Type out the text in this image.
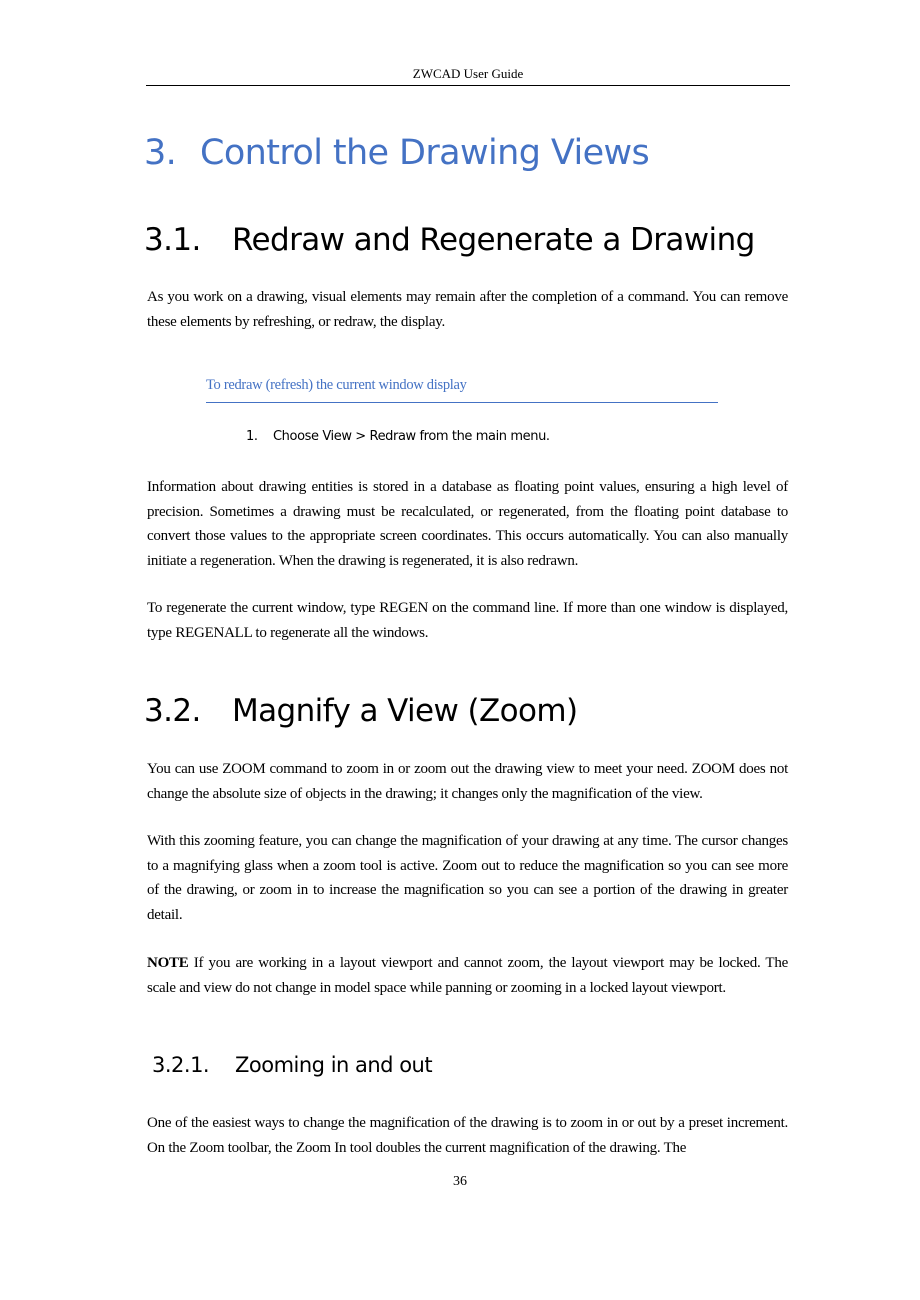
ZWCAD User Guide
3. Control the Drawing Views
3.1. Redraw and Regenerate a Drawing
As you work on a drawing, visual elements may remain after the completion of a command. You can remove these elements by refreshing, or redraw, the display.
To redraw (refresh) the current window display
1. Choose View > Redraw from the main menu.
Information about drawing entities is stored in a database as floating point values, ensuring a high level of precision. Sometimes a drawing must be recalculated, or regenerated, from the floating point database to convert those values to the appropriate screen coordinates. This occurs automatically. You can also manually initiate a regeneration. When the drawing is regenerated, it is also redrawn.
To regenerate the current window, type REGEN on the command line. If more than one window is displayed, type REGENALL to regenerate all the windows.
3.2. Magnify a View (Zoom)
You can use ZOOM command to zoom in or zoom out the drawing view to meet your need. ZOOM does not change the absolute size of objects in the drawing; it changes only the magnification of the view.
With this zooming feature, you can change the magnification of your drawing at any time. The cursor changes to a magnifying glass when a zoom tool is active. Zoom out to reduce the magnification so you can see more of the drawing, or zoom in to increase the magnification so you can see a portion of the drawing in greater detail.
NOTE If you are working in a layout viewport and cannot zoom, the layout viewport may be locked. The scale and view do not change in model space while panning or zooming in a locked layout viewport.
3.2.1. Zooming in and out
One of the easiest ways to change the magnification of the drawing is to zoom in or out by a preset increment. On the Zoom toolbar, the Zoom In tool doubles the current magnification of the drawing. The
36
